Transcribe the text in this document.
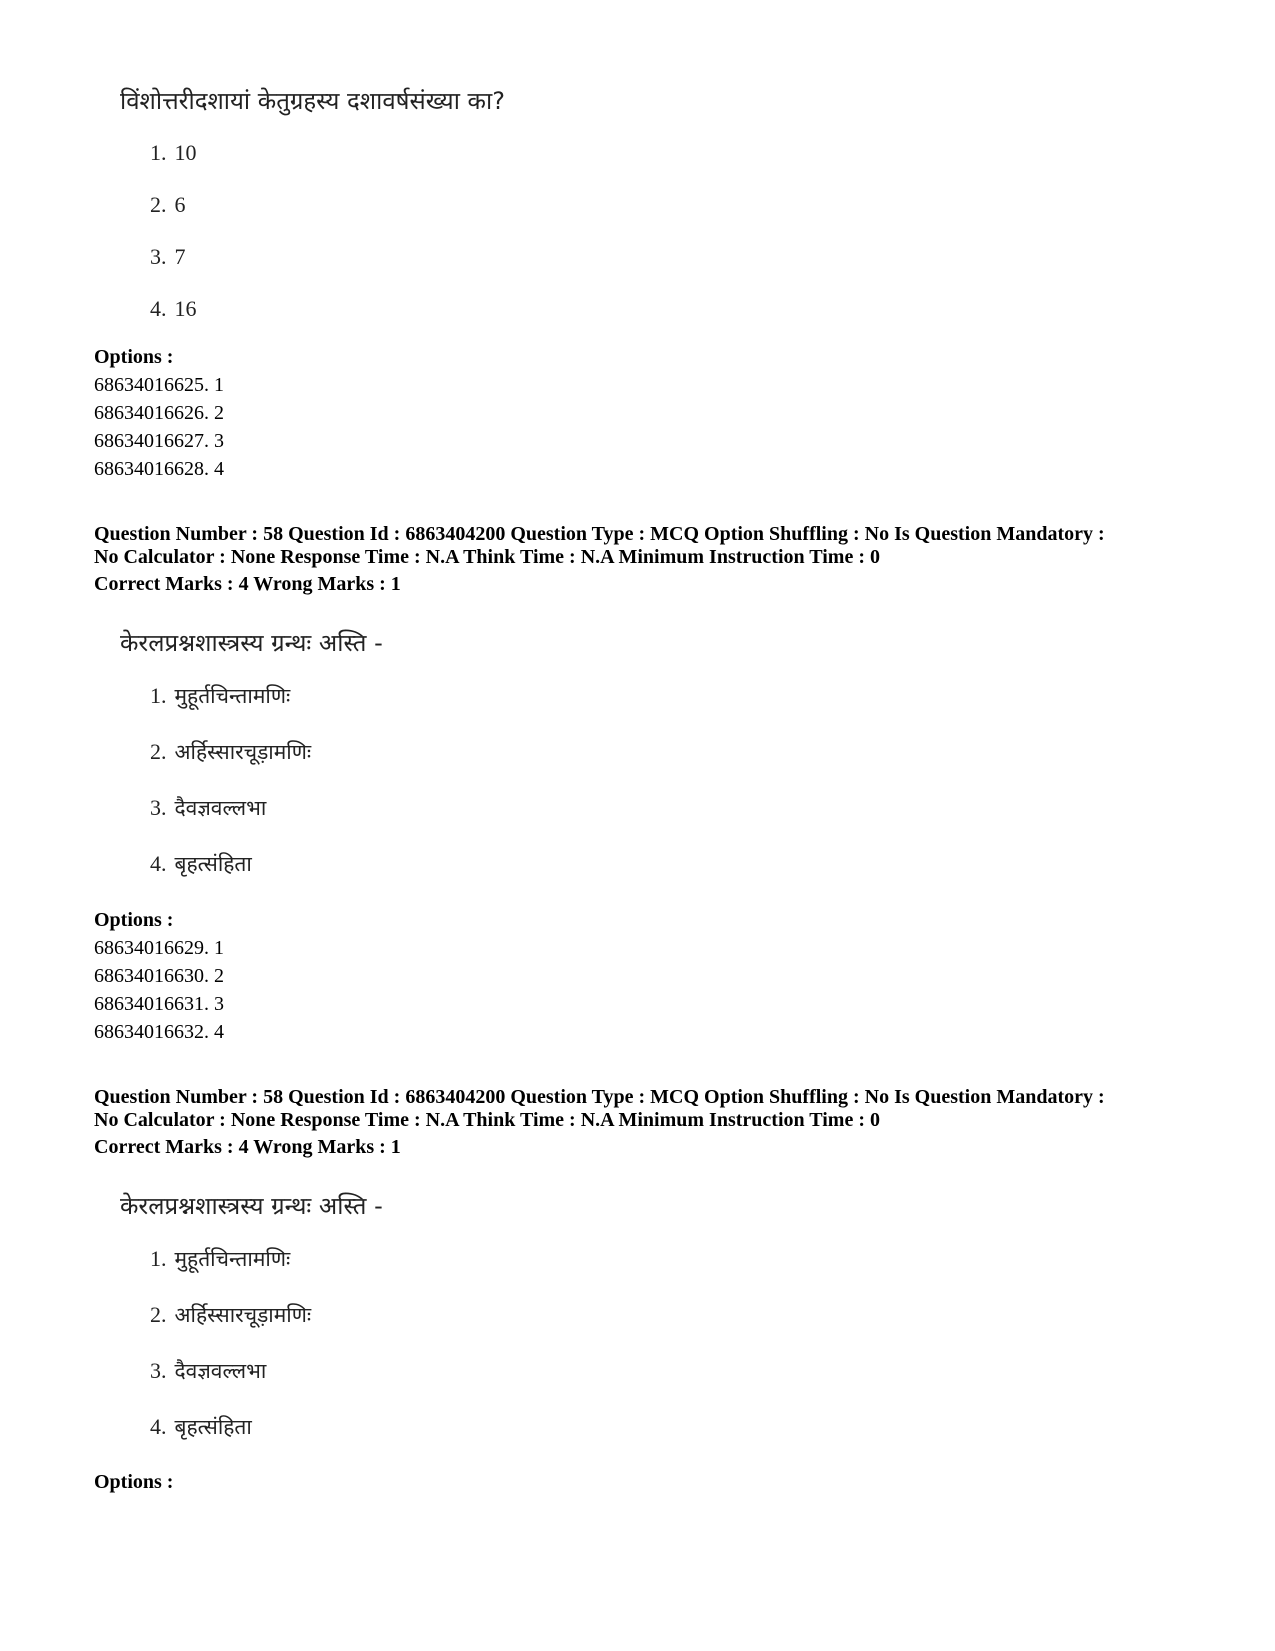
विंशोत्तरीदशायां केतुग्रहस्य दशावर्षसंख्या का?
1. 10
2. 6
3. 7
4. 16
Options :
68634016625. 1
68634016626. 2
68634016627. 3
68634016628. 4
Question Number : 58 Question Id : 6863404200 Question Type : MCQ Option Shuffling : No Is Question Mandatory :
No Calculator : None Response Time : N.A Think Time : N.A Minimum Instruction Time : 0
Correct Marks : 4 Wrong Marks : 1
केरलप्रश्नशास्त्रस्य ग्रन्थः अस्ति -
1. मुहूर्तचिन्तामणिः
2. अर्हिस्सारचूड़ामणिः
3. दैवज्ञवल्लभा
4. बृहत्संहिता
Options :
68634016629. 1
68634016630. 2
68634016631. 3
68634016632. 4
Question Number : 58 Question Id : 6863404200 Question Type : MCQ Option Shuffling : No Is Question Mandatory :
No Calculator : None Response Time : N.A Think Time : N.A Minimum Instruction Time : 0
Correct Marks : 4 Wrong Marks : 1
केरलप्रश्नशास्त्रस्य ग्रन्थः अस्ति -
1. मुहूर्तचिन्तामणिः
2. अर्हिस्सारचूड़ामणिः
3. दैवज्ञवल्लभा
4. बृहत्संहिता
Options :
